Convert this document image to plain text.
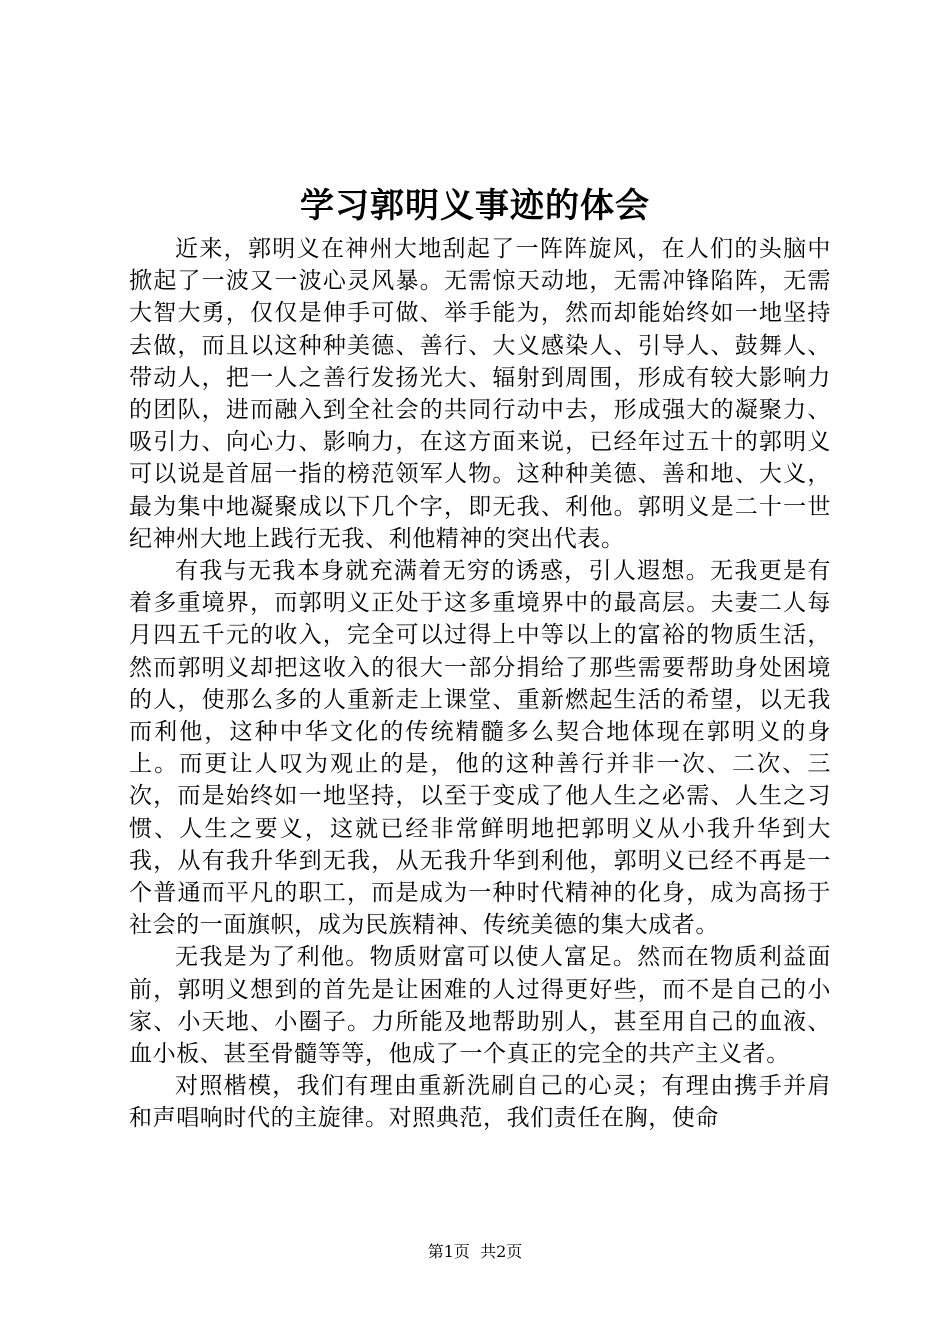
学习郭明义事迹的体会

近来，郭明义在神州大地刮起了一阵阵旋风，在人们的头脑中掀起了一波又一波心灵风暴。无需惊天动地，无需冲锋陷阵，无需大智大勇，仅仅是伸手可做、举手能为，然而却能始终如一地坚持去做，而且以这种种美德、善行、大义感染人、引导人、鼓舞人、带动人，把一人之善行发扬光大、辐射到周围，形成有较大影响力的团队，进而融入到全社会的共同行动中去，形成强大的凝聚力、吸引力、向心力、影响力，在这方面来说，已经年过五十的郭明义可以说是首屈一指的榜范领军人物。这种种美德、善和地、大义，最为集中地凝聚成以下几个字，即无我、利他。郭明义是二十一世纪神州大地上践行无我、利他精神的突出代表。

有我与无我本身就充满着无穷的诱惑，引人遐想。无我更是有着多重境界，而郭明义正处于这多重境界中的最高层。夫妻二人每月四五千元的收入，完全可以过得上中等以上的富裕的物质生活，然而郭明义却把这收入的很大一部分捐给了那些需要帮助身处困境的人，使那么多的人重新走上课堂、重新燃起生活的希望，以无我而利他，这种中华文化的传统精髓多么契合地体现在郭明义的身上。而更让人叹为观止的是，他的这种善行并非一次、二次、三次，而是始终如一地坚持，以至于变成了他人生之必需、人生之习惯、人生之要义，这就已经非常鲜明地把郭明义从小我升华到大我，从有我升华到无我，从无我升华到利他，郭明义已经不再是一个普通而平凡的职工，而是成为一种时代精神的化身，成为高扬于社会的一面旗帜，成为民族精神、传统美德的集大成者。

无我是为了利他。物质财富可以使人富足。然而在物质利益面前，郭明义想到的首先是让困难的人过得更好些，而不是自己的小家、小天地、小圈子。力所能及地帮助别人，甚至用自己的血液、血小板、甚至骨髓等等，他成了一个真正的完全的共产主义者。

对照楷模，我们有理由重新洗刷自己的心灵；有理由携手并肩和声唱响时代的主旋律。对照典范，我们责任在胸，使命

第1页  共2页
